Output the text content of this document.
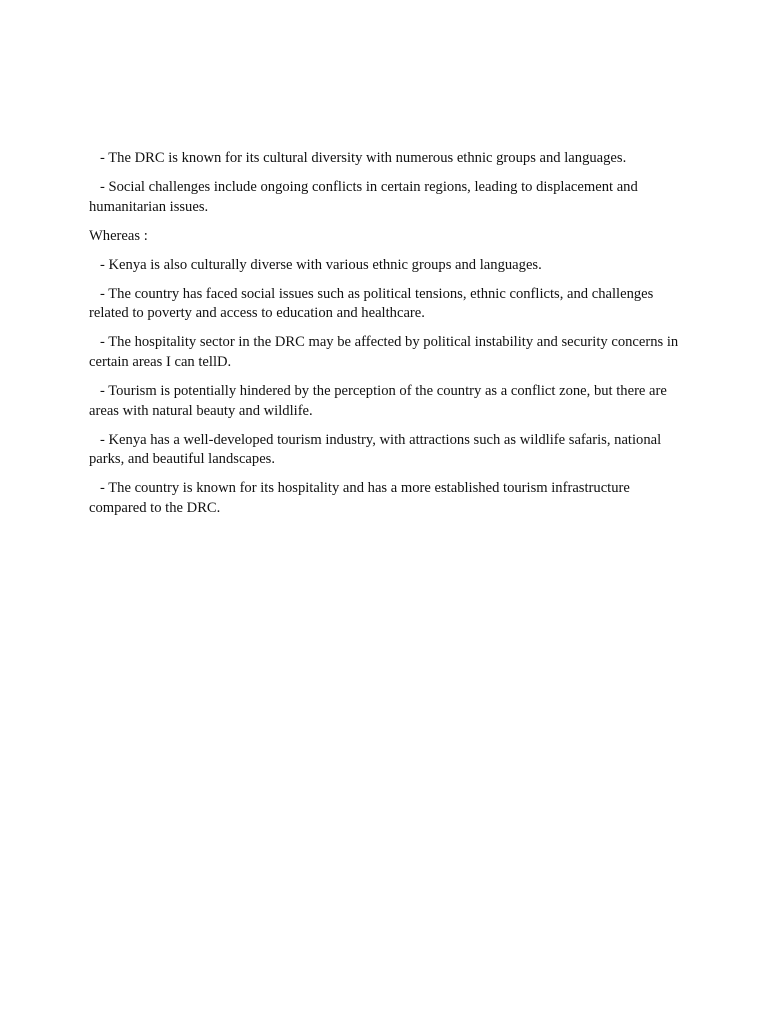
- The DRC is known for its cultural diversity with numerous ethnic groups and languages.

- Social challenges include ongoing conflicts in certain regions, leading to displacement and humanitarian issues.

Whereas :

- Kenya is also culturally diverse with various ethnic groups and languages.

- The country has faced social issues such as political tensions, ethnic conflicts, and challenges related to poverty and access to education and healthcare.

- The hospitality sector in the DRC may be affected by political instability and security concerns in certain areas I can tellD.

- Tourism is potentially hindered by the perception of the country as a conflict zone, but there are areas with natural beauty and wildlife.

- Kenya has a well-developed tourism industry, with attractions such as wildlife safaris, national parks, and beautiful landscapes.

- The country is known for its hospitality and has a more established tourism infrastructure compared to the DRC.
